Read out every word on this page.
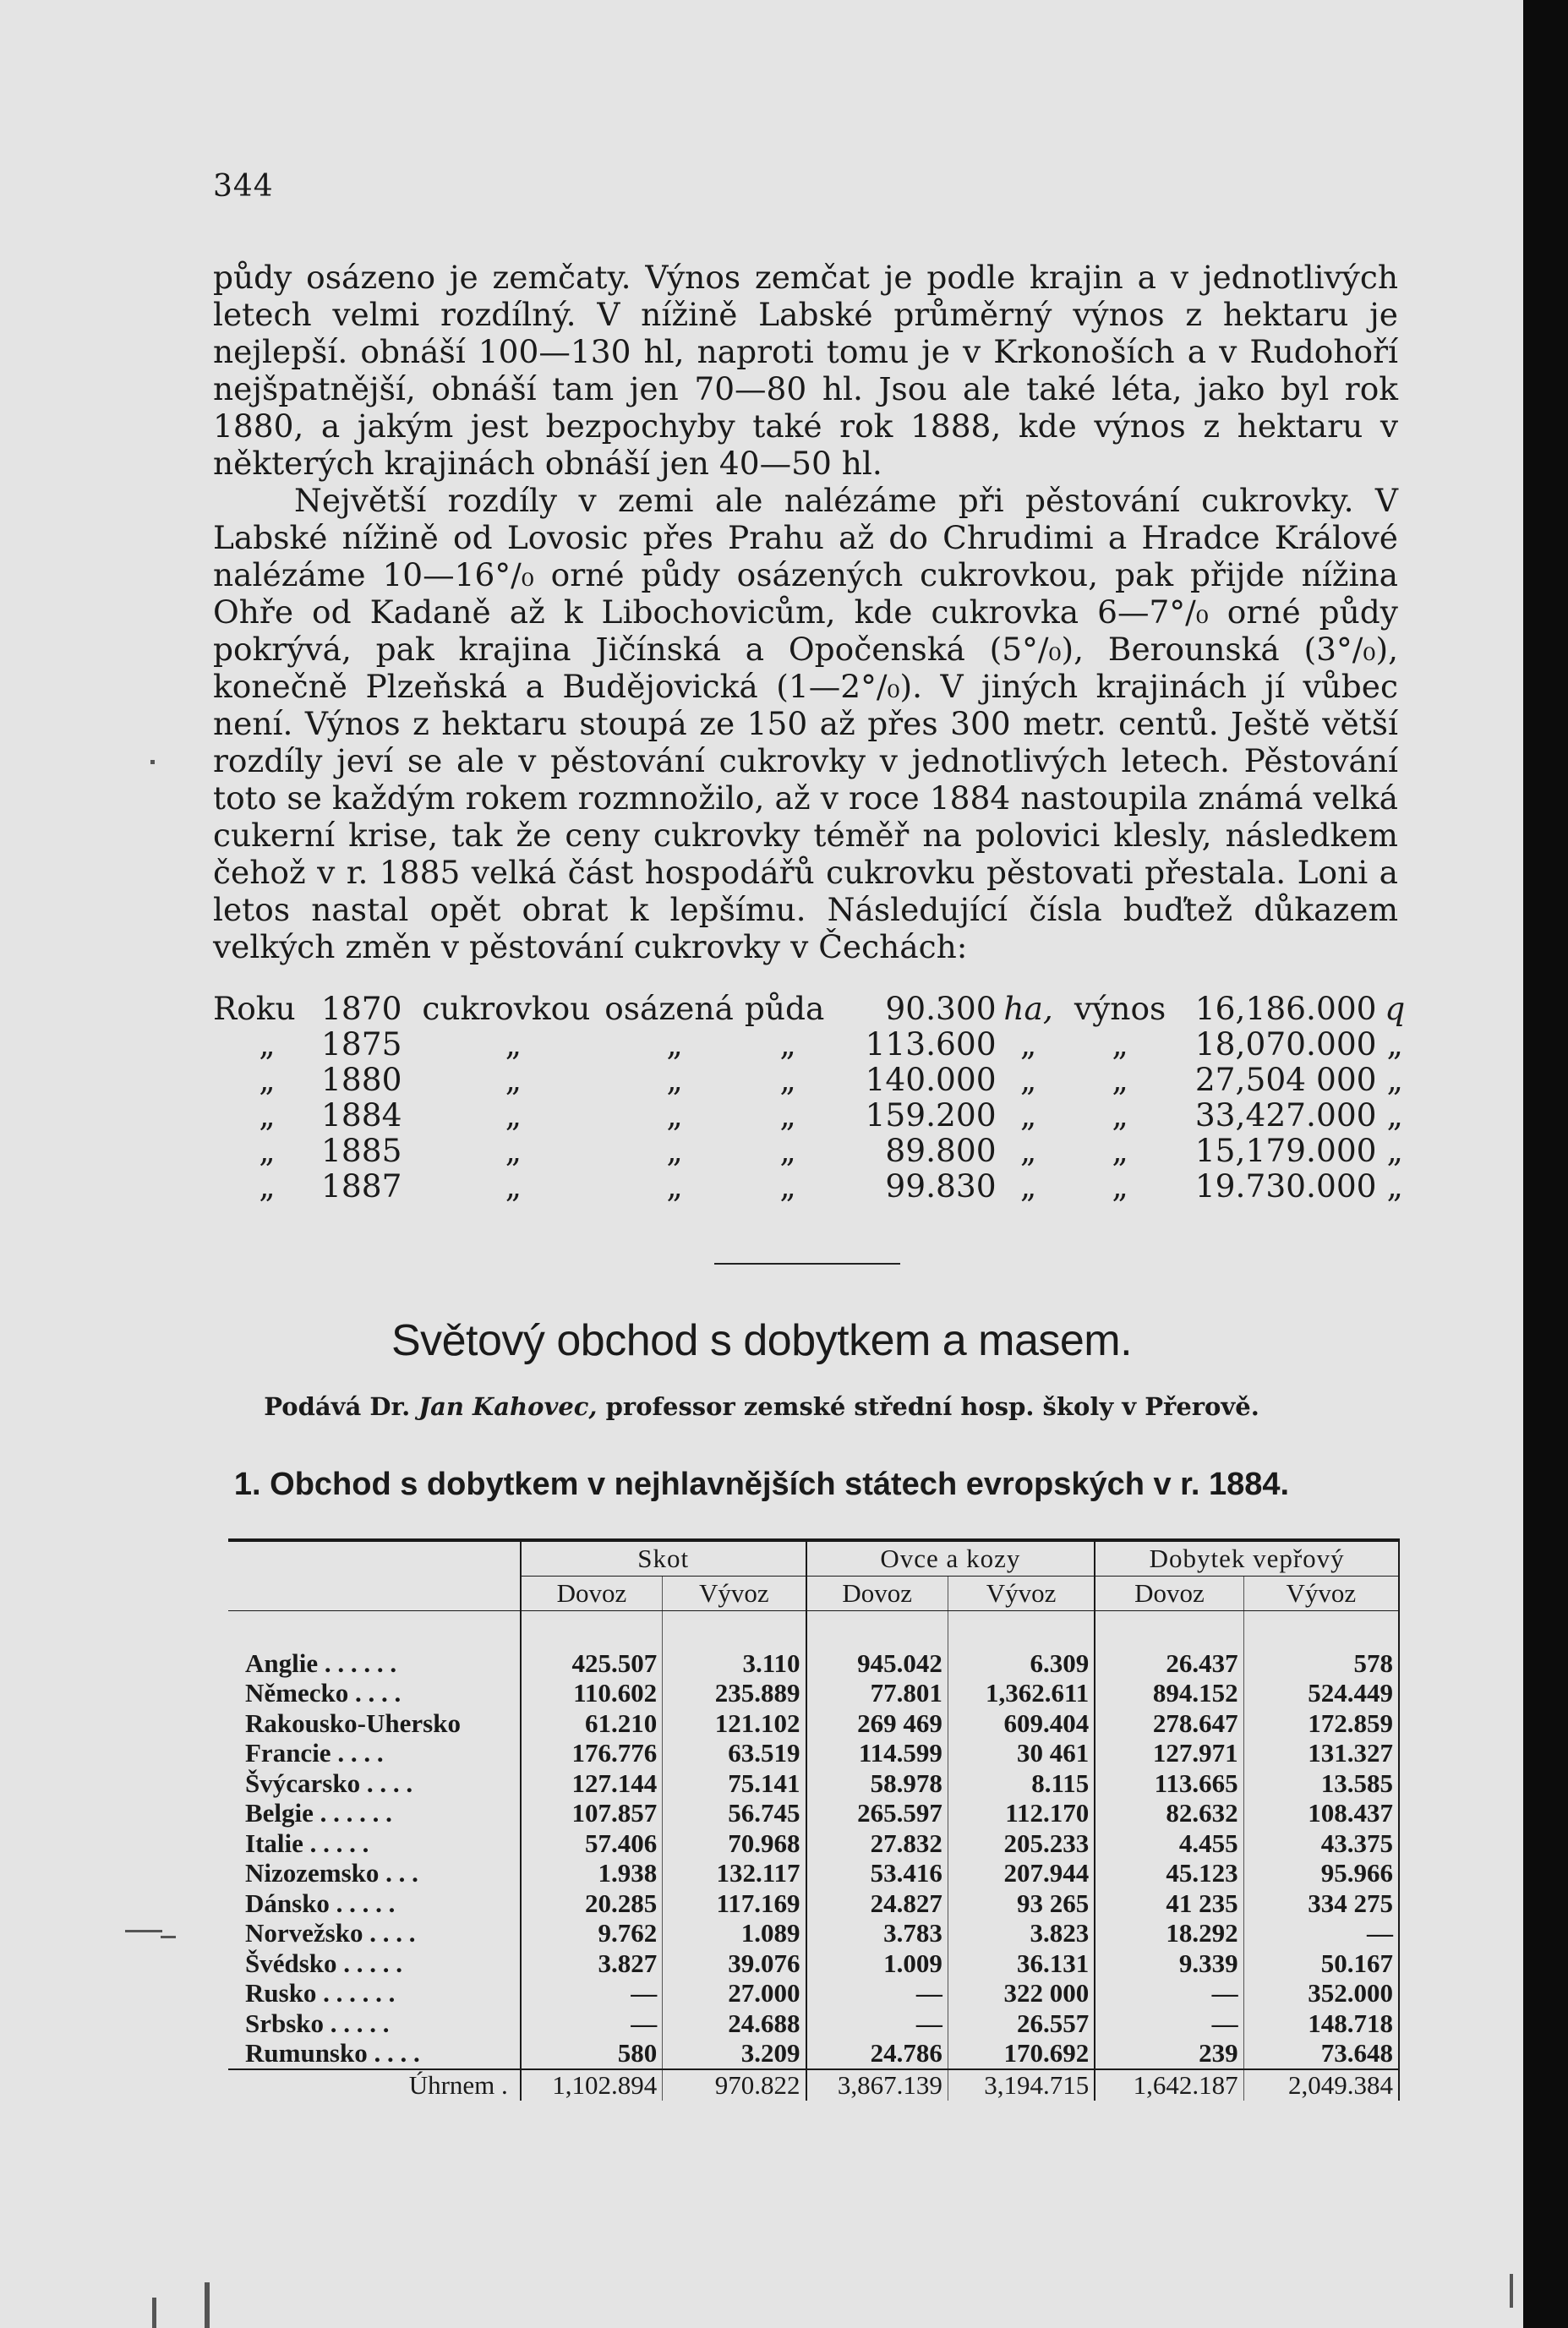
344

půdy osázeno je zemčaty. Výnos zemčat je podle krajin a v jednotlivých letech velmi rozdílný. V nížině Labské průměrný výnos z hektaru je nejlepší. obnáší 100—130 hl, naproti tomu je v Krkonoších a v Rudohoří nejšpatnější, obnáší tam jen 70—80 hl. Jsou ale také léta, jako byl rok 1880, a jakým jest bezpochyby také rok 1888, kde výnos z hektaru v některých krajinách obnáší jen 40—50 hl.

Největší rozdíly v zemi ale nalézáme při pěstování cukrovky. V Labské nížině od Lovosic přes Prahu až do Chrudimi a Hradce Králové nalézáme 10—16°/₀ orné půdy osázených cukrovkou, pak přijde nížina Ohře od Kadaně až k Libochovicům, kde cukrovka 6—7°/₀ orné půdy pokrývá, pak krajina Jičínská a Opočenská (5°/₀), Berounská (3°/₀), konečně Plzeňská a Budějovická (1—2°/₀). V jiných krajinách jí vůbec není. Výnos z hektaru stoupá ze 150 až přes 300 metr. centů. Ještě větší rozdíly jeví se ale v pěstování cukrovky v jednotlivých letech. Pěstování toto se každým rokem rozmnožilo, až v roce 1884 nastoupila známá velká cukerní krise, tak že ceny cukrovky téměř na polovici klesly, následkem čehož v r. 1885 velká část hospodářů cukrovku pěstovati přestala. Loni a letos nastal opět obrat k lepšímu. Následující čísla buďtež důkazem velkých změn v pěstování cukrovky v Čechách:

Roku	1870	cukrovkou	osázená	půda	90.300	ha,	výnos	16,186.000	q
„	1875	„	„	„	113.600	„	„	18,070.000	„
„	1880	„	„	„	140.000	„	„	27,504 000	„
„	1884	„	„	„	159.200	„	„	33,427.000	„
„	1885	„	„	„	89.800	„	„	15,179.000	„
„	1887	„	„	„	99.830	„	„	19.730.000	„
Světový obchod s dobytkem a masem.
Podává Dr. Jan Kahovec, professor zemské střední hosp. školy v Přerově.
1. Obchod s dobytkem v nejhlavnějších státech evropských v r. 1884.
	Skot		Ovce a kozy		Dobytek vepřový	
	Dovoz	Vývoz	Dovoz	Vývoz	Dovoz	Vývoz

Anglie . . . . . .	425.507	3.110	945.042	6.309	26.437	578
Německo . . . .	110.602	235.889	77.801	1,362.611	894.152	524.449
Rakousko-Uhersko	61.210	121.102	269 469	609.404	278.647	172.859
Francie . . . .	176.776	63.519	114.599	30 461	127.971	131.327
Švýcarsko . . . .	127.144	75.141	58.978	8.115	113.665	13.585
Belgie . . . . . .	107.857	56.745	265.597	112.170	82.632	108.437
Italie . . . . .	57.406	70.968	27.832	205.233	4.455	43.375
Nizozemsko . . .	1.938	132.117	53.416	207.944	45.123	95.966
Dánsko . . . . .	20.285	117.169	24.827	93 265	41 235	334 275
Norvežsko . . . .	9.762	1.089	3.783	3.823	18.292	—
Švédsko . . . . .	3.827	39.076	1.009	36.131	9.339	50.167
Rusko . . . . . .	—	27.000	—	322 000	—	352.000
Srbsko . . . . .	—	24.688	—	26.557	—	148.718
Rumunsko . . . .	580	3.209	24.786	170.692	239	73.648
Úhrnem .	1,102.894	970.822	3,867.139	3,194.715	1,642.187	2,049.384
